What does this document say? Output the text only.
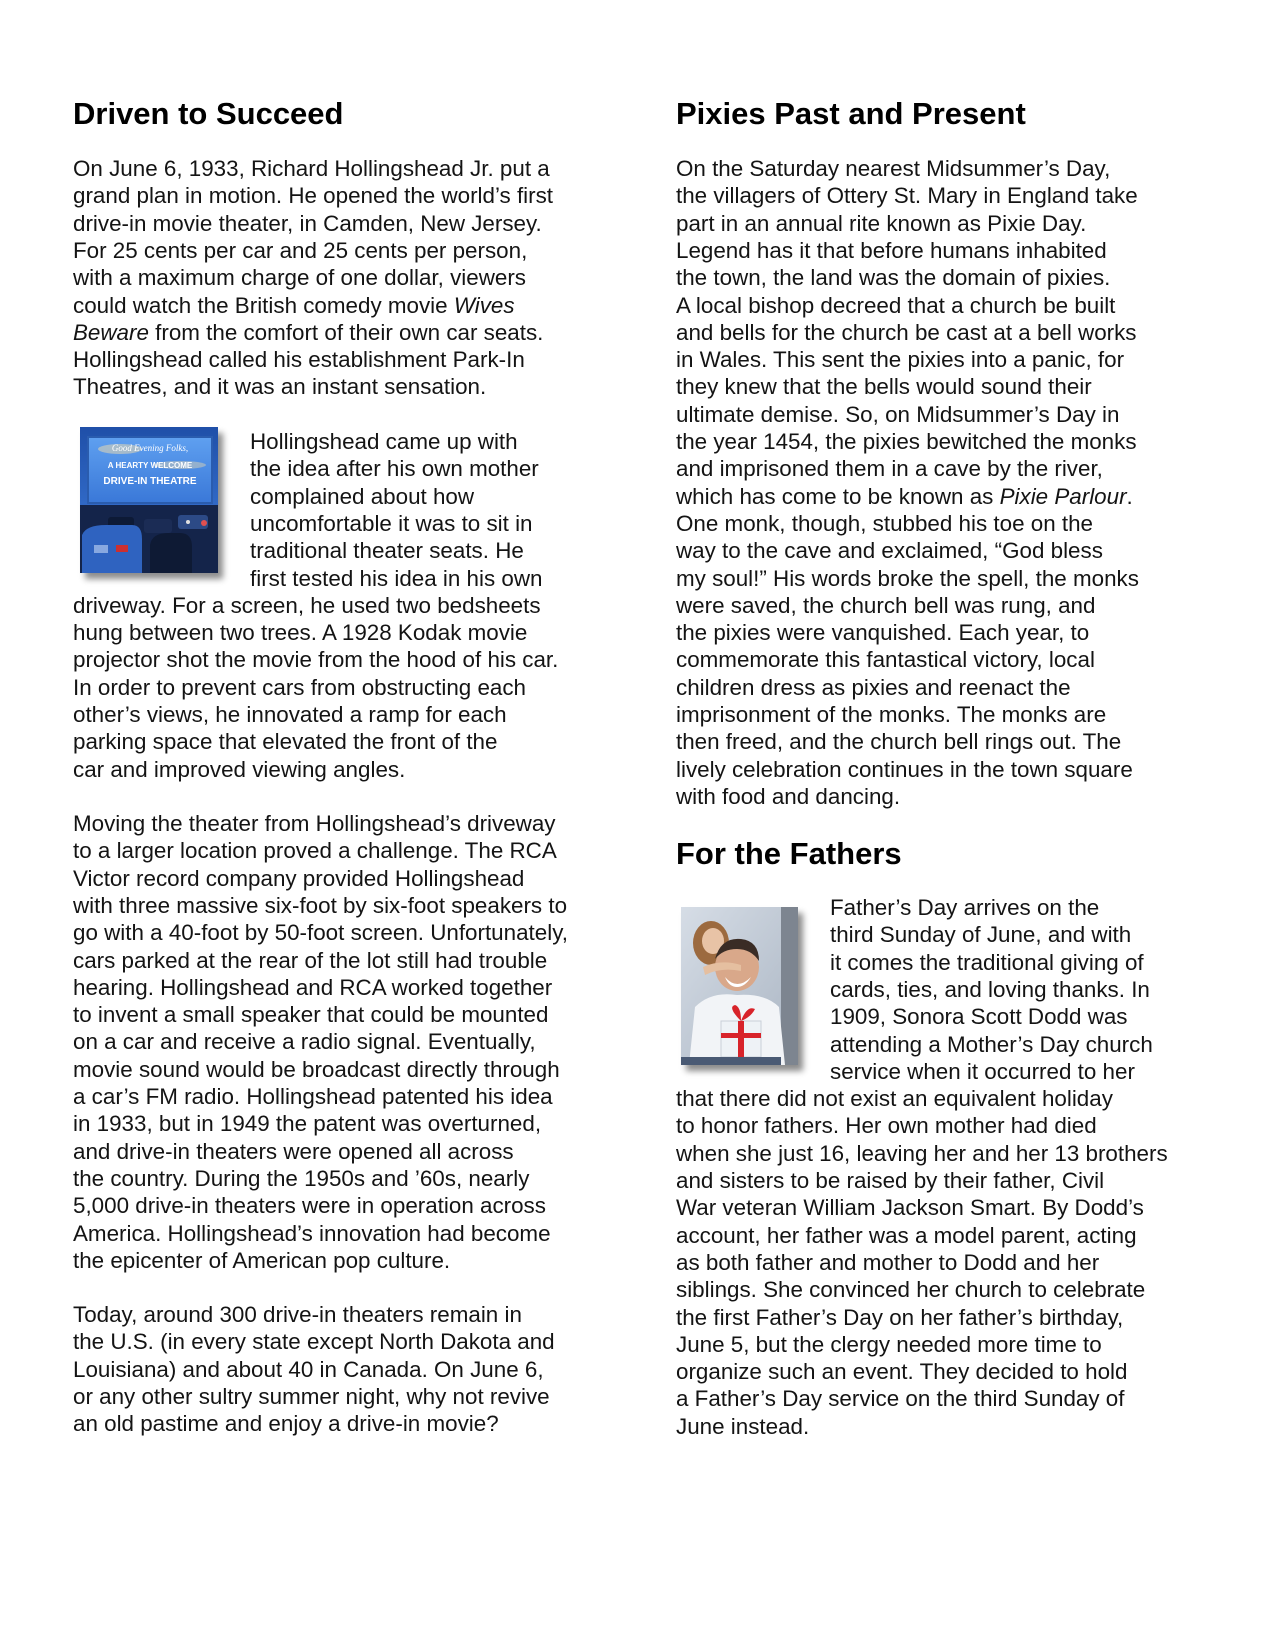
Driven to Succeed
On June 6, 1933, Richard Hollingshead Jr. put a
grand plan in motion. He opened the world’s first
drive-in movie theater, in Camden, New Jersey.
For 25 cents per car and 25 cents per person,
with a maximum charge of one dollar, viewers
could watch the British comedy movie Wives
Beware from the comfort of their own car seats.
Hollingshead called his establishment Park-In
Theatres, and it was an instant sensation.
Good Evening Folks,
A HEARTY WELCOME
DRIVE-IN THEATRE
Hollingshead came up with
the idea after his own mother
complained about how
uncomfortable it was to sit in
traditional theater seats. He
first tested his idea in his own
driveway. For a screen, he used two bedsheets
hung between two trees. A 1928 Kodak movie
projector shot the movie from the hood of his car.
In order to prevent cars from obstructing each
other’s views, he innovated a ramp for each
parking space that elevated the front of the
car and improved viewing angles.
Moving the theater from Hollingshead’s driveway
to a larger location proved a challenge. The RCA
Victor record company provided Hollingshead
with three massive six-foot by six-foot speakers to
go with a 40-foot by 50-foot screen. Unfortunately,
cars parked at the rear of the lot still had trouble
hearing. Hollingshead and RCA worked together
to invent a small speaker that could be mounted
on a car and receive a radio signal. Eventually,
movie sound would be broadcast directly through
a car’s FM radio. Hollingshead patented his idea
in 1933, but in 1949 the patent was overturned,
and drive-in theaters were opened all across
the country. During the 1950s and ’60s, nearly
5,000 drive-in theaters were in operation across
America. Hollingshead’s innovation had become
the epicenter of American pop culture.
Today, around 300 drive-in theaters remain in
the U.S. (in every state except North Dakota and
Louisiana) and about 40 in Canada. On June 6,
or any other sultry summer night, why not revive
an old pastime and enjoy a drive-in movie?
Pixies Past and Present
On the Saturday nearest Midsummer’s Day,
the villagers of Ottery St. Mary in England take
part in an annual rite known as Pixie Day.
Legend has it that before humans inhabited
the town, the land was the domain of pixies.
A local bishop decreed that a church be built
and bells for the church be cast at a bell works
in Wales. This sent the pixies into a panic, for
they knew that the bells would sound their
ultimate demise. So, on Midsummer’s Day in
the year 1454, the pixies bewitched the monks
and imprisoned them in a cave by the river,
which has come to be known as Pixie Parlour.
One monk, though, stubbed his toe on the
way to the cave and exclaimed, “God bless
my soul!” His words broke the spell, the monks
were saved, the church bell was rung, and
the pixies were vanquished. Each year, to
commemorate this fantastical victory, local
children dress as pixies and reenact the
imprisonment of the monks. The monks are
then freed, and the church bell rings out. The
lively celebration continues in the town square
with food and dancing.
For the Fathers
Father’s Day arrives on the
third Sunday of June, and with
it comes the traditional giving of
cards, ties, and loving thanks. In
1909, Sonora Scott Dodd was
attending a Mother’s Day church
service when it occurred to her
that there did not exist an equivalent holiday
to honor fathers. Her own mother had died
when she just 16, leaving her and her 13 brothers
and sisters to be raised by their father, Civil
War veteran William Jackson Smart. By Dodd’s
account, her father was a model parent, acting
as both father and mother to Dodd and her
siblings. She convinced her church to celebrate
the first Father’s Day on her father’s birthday,
June 5, but the clergy needed more time to
organize such an event. They decided to hold
a Father’s Day service on the third Sunday of
June instead.
